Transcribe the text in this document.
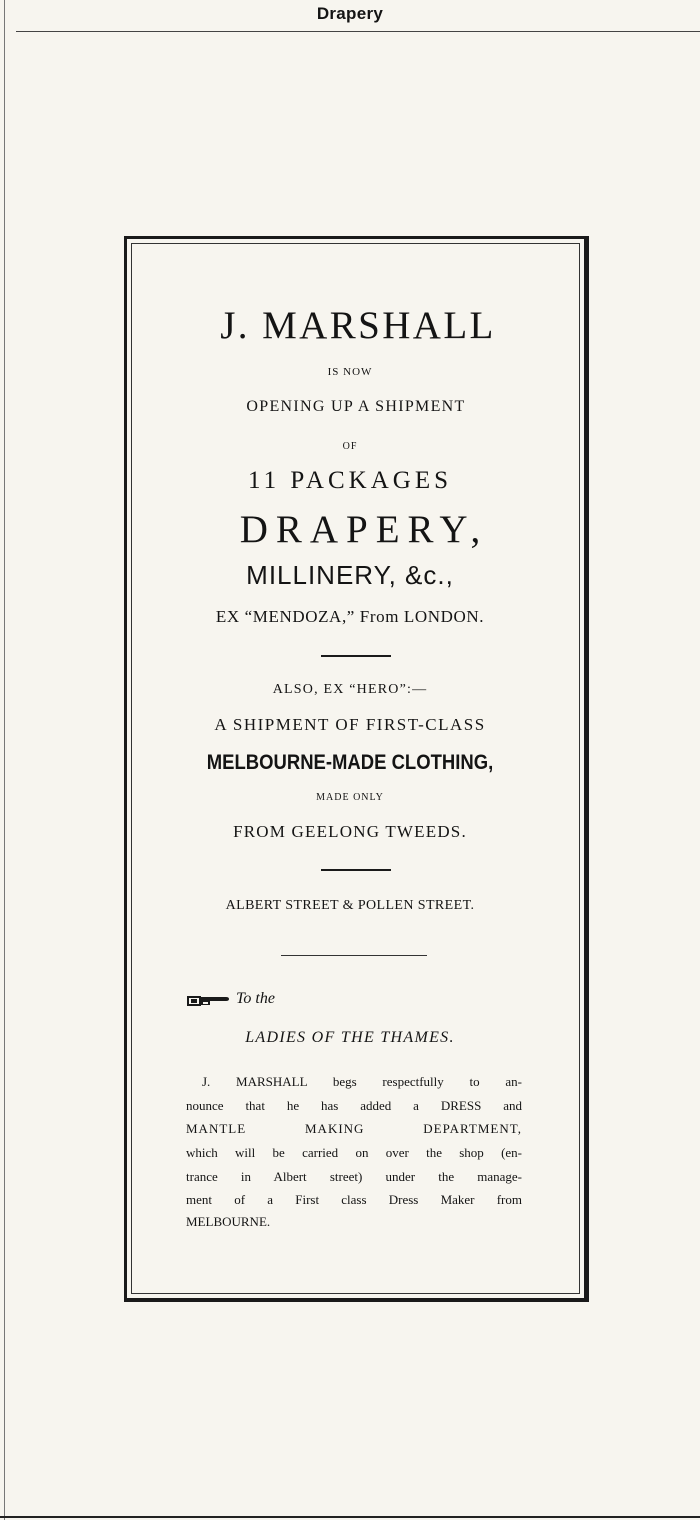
Drapery
J. MARSHALL
IS NOW
OPENING UP A SHIPMENT
OF
11 PACKAGES
DRAPERY,
MILLINERY, &c.,
EX “MENDOZA,” From LONDON.
ALSO, EX “HERO”:—
A SHIPMENT OF FIRST-CLASS
MELBOURNE-MADE CLOTHING,
MADE ONLY
FROM GEELONG TWEEDS.
ALBERT STREET & POLLEN STREET.
To the
LADIES OF THE THAMES.
J. MARSHALL begs respectfully to an-
nounce that he has added a DRESS and
MANTLE MAKING DEPARTMENT,
which will be carried on over the shop (en-
trance in Albert street) under the manage-
ment of a First class Dress Maker from
MELBOURNE.
